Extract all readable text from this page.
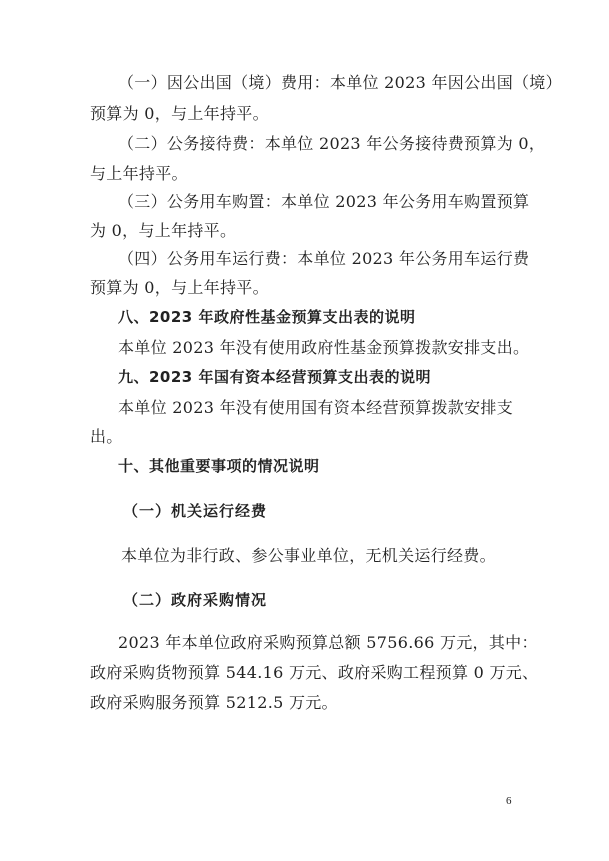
（一）因公出国（境）费用：本单位 2023 年因公出国（境）
预算为 0，与上年持平。
（二）公务接待费：本单位 2023 年公务接待费预算为 0，
与上年持平。
（三）公务用车购置：本单位 2023 年公务用车购置预算
为 0，与上年持平。
（四）公务用车运行费：本单位 2023 年公务用车运行费
预算为 0，与上年持平。
八、2023 年政府性基金预算支出表的说明
本单位 2023 年没有使用政府性基金预算拨款安排支出。
九、2023 年国有资本经营预算支出表的说明
本单位 2023 年没有使用国有资本经营预算拨款安排支
出。
十、其他重要事项的情况说明
（一）机关运行经费
本单位为非行政、参公事业单位，无机关运行经费。
（二）政府采购情况
2023 年本单位政府采购预算总额 5756.66 万元，其中：
政府采购货物预算 544.16 万元、政府采购工程预算 0 万元、
政府采购服务预算 5212.5 万元。
6
